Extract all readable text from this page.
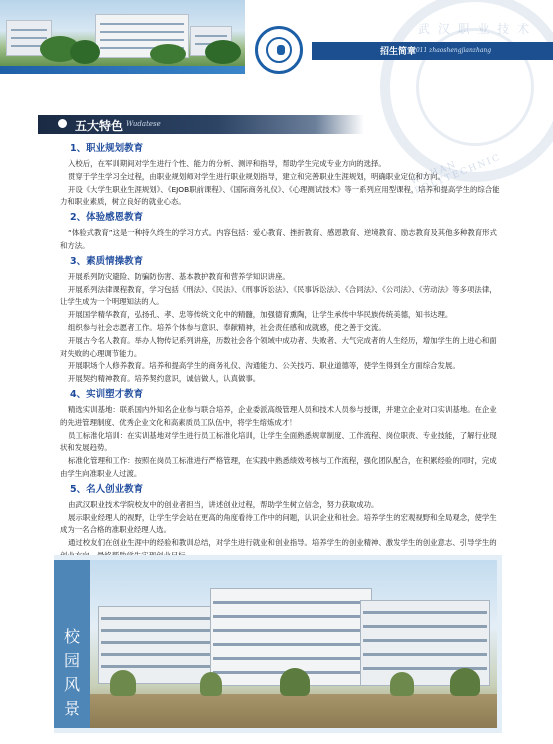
武 汉 职 业 技 术
WUHAN POLYTECHNIC
招生简章
2011 zhaoshengjianzhang
五大特色 Wudatese
1、职业规划教育

入校后，在军训期间对学生进行个性、能力的分析、测评和指导，帮助学生完成专业方向的选择。

贯穿于学生学习全过程，由职业规划师对学生进行职业规划指导，建立和完善职业生涯规划，明确职业定位和方向。

开设《大学生职业生涯规划》、《EJOB职前课程》、《国际商务礼仪》、《心理测试技术》等一系列应用型课程，培养和提高学生的综合能力和职业素质，树立良好的就业心态。

2、体验感恩教育

“体验式教育”这是一种持久终生的学习方式。内容包括：爱心教育、挫折教育、感恩教育、逆境教育、励志教育及其他多种教育形式和方法。

3、素质情操教育

开展系列防灾避险、防骗防伤害、基本教护教育和营养学知识讲座。

开展系列法律课程教育，学习包括《刑法》、《民法》、《刑事诉讼法》、《民事诉讼法》、《合同法》、《公司法》、《劳动法》等多项法律，让学生成为一个明理知法的人。

开展国学精华教育，弘扬孔、孝、忠等传统文化中的精髓，加强德育熏陶，让学生承传中华民族传统美德，知书达理。

组织参与社会志愿者工作。培养个体参与意识、奉献精神，社会责任感和成就感，使之善于交流。

开展古今名人教育。举办人物传记系列讲座，历数社会各个领域中成功者、失败者、大气完成者的人生经历，增加学生的上进心和面对失败的心理调节能力。

开展职场个人修养教育。培养和提高学生的商务礼仪、沟通能力、公关技巧、职业道德等，使学生得到全方面综合发展。

开展契约精神教育。培养契约意识，诚信做人，认真做事。

4、实训塑才教育

精选实训基地：联系国内外知名企业参与联合培养，企业委派高级管理人员和技术人员参与授课，并建立企业对口实训基地。在企业的先进管理制度、优秀企业文化和高素质员工队伍中，将学生熔炼成才！

员工标准化培训：在实训基地对学生进行员工标准化培训，让学生全面熟悉规章制度、工作流程、岗位职责、专业技能，了解行业现状和发展趋势。

标准化管理和工作：按照在岗员工标准进行严格管理，在实践中熟悉绩效考核与工作流程，强化团队配合，在积累经验的同时，完成由学生向准职业人过渡。

5、名人创业教育

由武汉职业技术学院校友中的创业者担当，讲述创业过程，帮助学生树立信念，努力获取成功。

展示职业经理人的视野，让学生学会站在更高的角度看待工作中的问题，认识企业和社会。培养学生的宏观视野和全局观念，使学生成为一名合格的准职业经理人选。

通过校友们在创业生涯中的经验和教训总结，对学生进行就业和创业指导。培养学生的创业精神、激发学生的创业意志、引导学生的

校
园
风
景
